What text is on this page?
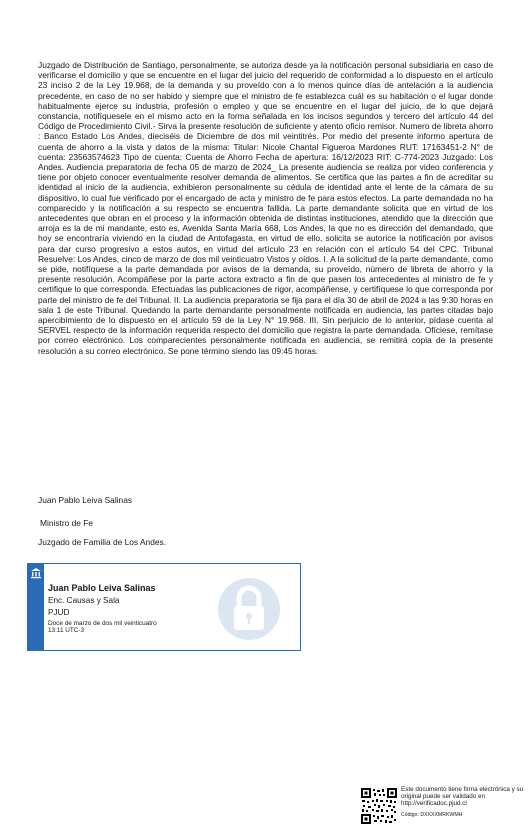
Juzgado de Distribución de Santiago, personalmente, se autoriza desde ya la notificación personal subsidiaria en caso de verificarse el domicilio y que se encuentre en el lugar del juicio del requerido de conformidad a lo dispuesto en el artículo 23 inciso 2 de la Ley 19.968, de la demanda y su proveído con a lo menos quince días de antelación a la audiencia precedente, en caso de no ser habido y siempre que el ministro de fe establezca cuál es su habitación o el lugar donde habitualmente ejerce su industria, profesión o empleo y que se encuentre en el lugar del juicio, de lo que dejará constancia, notifíquesele en el mismo acto en la forma señalada en los incisos segundos y tercero del artículo 44 del Código de Procedimiento Civil.- Sirva la presente resolución de suficiente y atento oficio remisor. Numero de libreta ahorro : Banco Estado Los Andes, dieciséis de Diciembre de dos mil veintitrés. Por medio del presente informo apertura de cuenta de ahorro a la vista y datos de la misma: Titular: Nicole Chantal Figueroa Mardones RUT: 17163451-2 N° de cuenta: 23563574623 Tipo de cuenta: Cuenta de Ahorro Fecha de apertura: 16/12/2023 RIT: C-774-2023 Juzgado: Los Andes. Audiencia preparatoria de fecha 05 de marzo de 2024_ La presente audiencia se realiza por video conferencia y tiene por objeto conocer eventualmente resolver demanda de alimentos. Se certifica que las partes a fin de acreditar su identidad al inicio de la audiencia, exhibieron personalmente su cédula de identidad ante el lente de la cámara de su dispositivo, lo cual fue verificado por el encargado de acta y ministro de fe para estos efectos. La parte demandada no ha comparecido y la notificación a su respecto se encuentra fallida. La parte demandante solicita que en virtud de los antecedentes que obran en el proceso y la información obtenida de distintas instituciones, atendido que la dirección que arroja es la de mi mandante, esto es, Avenida Santa María 668, Los Andes, la que no es dirección del demandado, que hoy se encontraría viviendo en la ciudad de Antofagasta, en virtud de ello, solicita se autorice la notificación por avisos para dar curso progresivo a estos autos, en virtud del artículo 23 en relación con el artículo 54 del CPC. Tribunal Resuelve: Los Andes, cinco de marzo de dos mil veinticuatro Vistos y oídos. I. A la solicitud de la parte demandante, como se pide, notifíquese a la parte demandada por avisos de la demanda, su proveído, número de libreta de ahorro y la presente resolución. Acompáñese por la parte actora extracto a fin de que pasen los antecedentes al ministro de fe y certifique lo que corresponda. Efectuadas las publicaciones de rigor, acompáñense, y certifíquese lo que corresponda por parte del ministro de fe del Tribunal. II. La audiencia preparatoria se fija para el día 30 de abril de 2024 a las 9:30 horas en sala 1 de este Tribunal. Quedando la parte demandante personalmente notificada en audiencia, las partes citadas bajo apercibimiento de lo dispuesto en el artículo 59 de la Ley N° 19.968. III. Sin perjuicio de lo anterior, pídase cuenta al SERVEL respecto de la información requerida respecto del domicilio que registra la parte demandada. Ofíciese, remítase por correo electrónico. Los comparecientes personalmente notificada en audiencia, se remitirá copia de la presente resolución a su correo electrónico. Se pone término siendo las 09:45 horas.
Juan Pablo Leiva Salinas
Ministro de Fe
Juzgado de Familia de Los Andes.
Juan Pablo Leiva Salinas
Enc. Causas y Sala
PJUD
Doce de marzo de dos mil veinticuatro
13:11 UTC-3
Este documento tiene firma electrónica y su original puede ser validado en http://verificadoc.pjud.cl
Código: DXXXXMRKWMH
